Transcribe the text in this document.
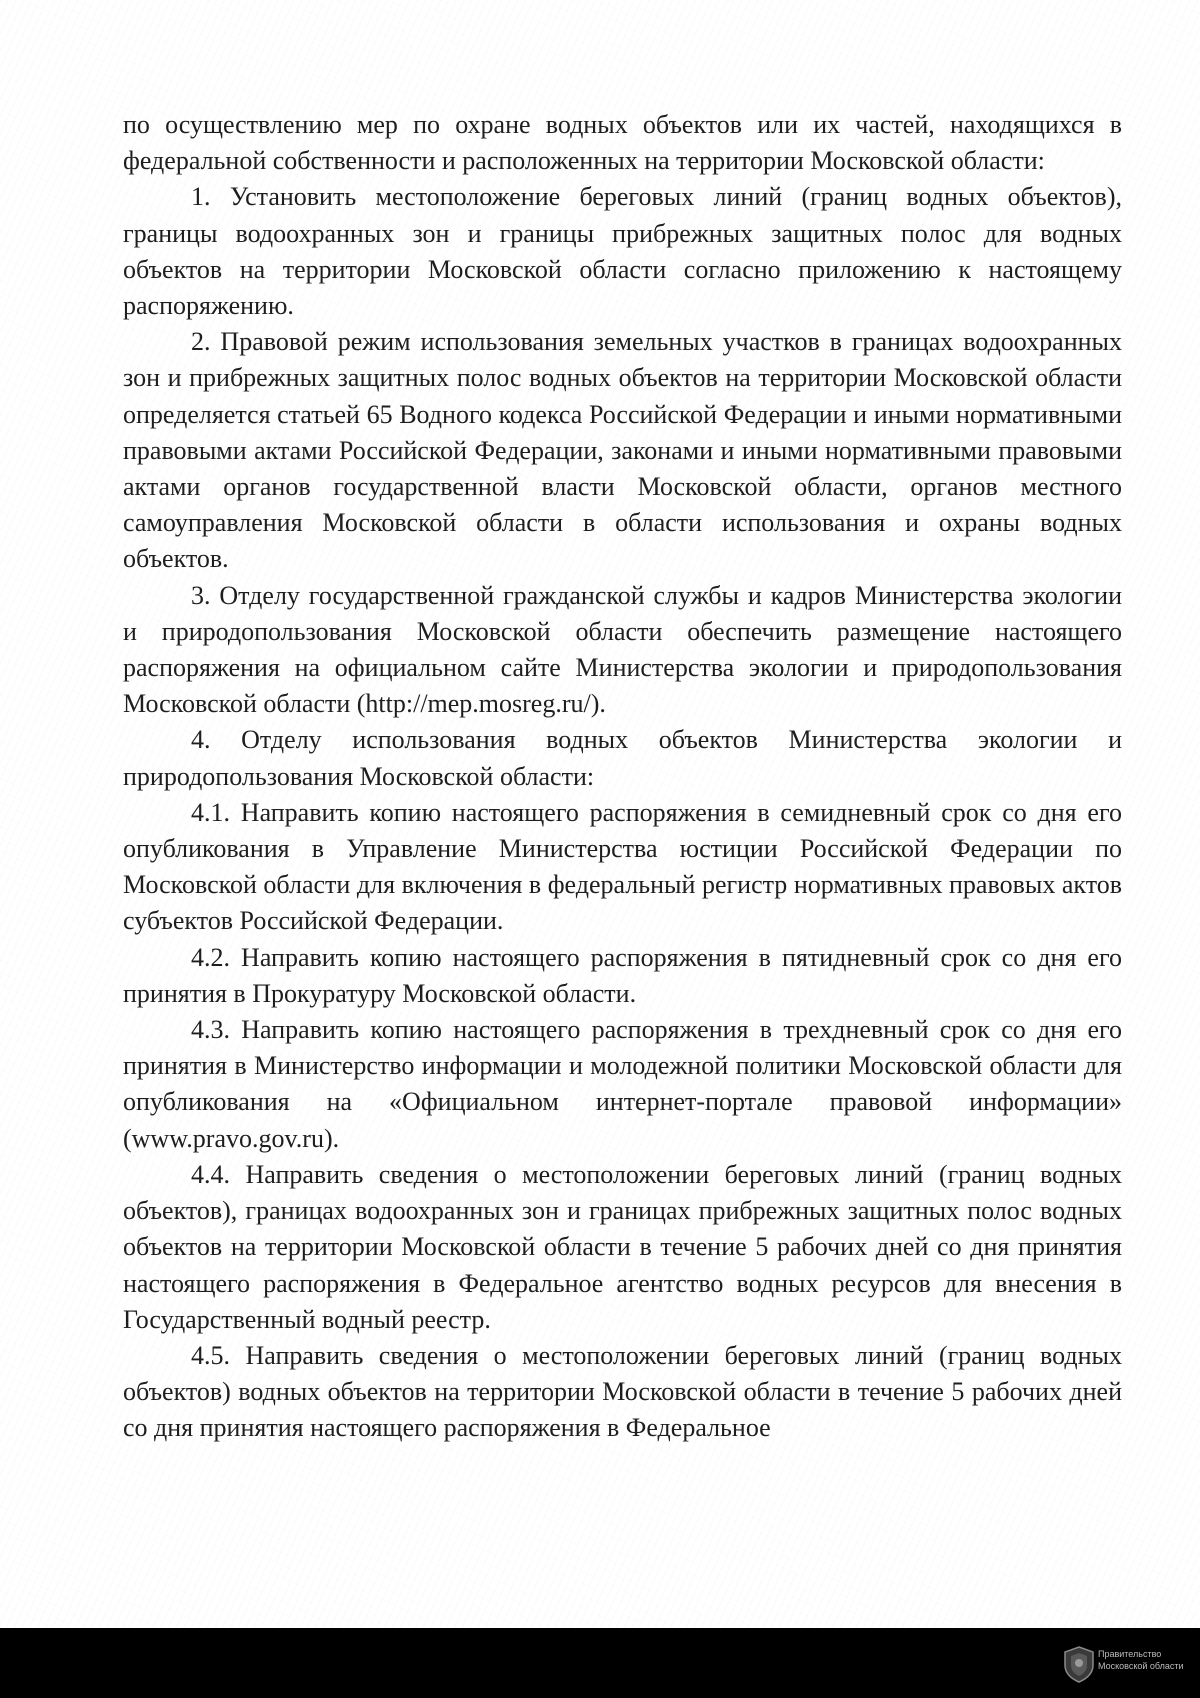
по осуществлению мер по охране водных объектов или их частей, находящихся в федеральной собственности и расположенных на территории Московской области:

1. Установить местоположение береговых линий (границ водных объектов), границы водоохранных зон и границы прибрежных защитных полос для водных объектов на территории Московской области согласно приложению к настоящему распоряжению.

2. Правовой режим использования земельных участков в границах водоохранных зон и прибрежных защитных полос водных объектов на территории Московской области определяется статьей 65 Водного кодекса Российской Федерации и иными нормативными правовыми актами Российской Федерации, законами и иными нормативными правовыми актами органов государственной власти Московской области, органов местного самоуправления Московской области в области использования и охраны водных объектов.

3. Отделу государственной гражданской службы и кадров Министерства экологии и природопользования Московской области обеспечить размещение настоящего распоряжения на официальном сайте Министерства экологии и природопользования Московской области (http://mep.mosreg.ru/).

4. Отделу использования водных объектов Министерства экологии и природопользования Московской области:

4.1. Направить копию настоящего распоряжения в семидневный срок со дня его опубликования в Управление Министерства юстиции Российской Федерации по Московской области для включения в федеральный регистр нормативных правовых актов субъектов Российской Федерации.

4.2. Направить копию настоящего распоряжения в пятидневный срок со дня его принятия в Прокуратуру Московской области.

4.3. Направить копию настоящего распоряжения в трехдневный срок со дня его принятия в Министерство информации и молодежной политики Московской области для опубликования на «Официальном интернет-портале правовой информации» (www.pravo.gov.ru).

4.4. Направить сведения о местоположении береговых линий (границ водных объектов), границах водоохранных зон и границах прибрежных защитных полос водных объектов на территории Московской области в течение 5 рабочих дней со дня принятия настоящего распоряжения в Федеральное агентство водных ресурсов для внесения в Государственный водный реестр.

4.5. Направить сведения о местоположении береговых линий (границ водных объектов) водных объектов на территории Московской области в течение 5 рабочих дней со дня принятия настоящего распоряжения в Федеральное

Правительство
Московской области
